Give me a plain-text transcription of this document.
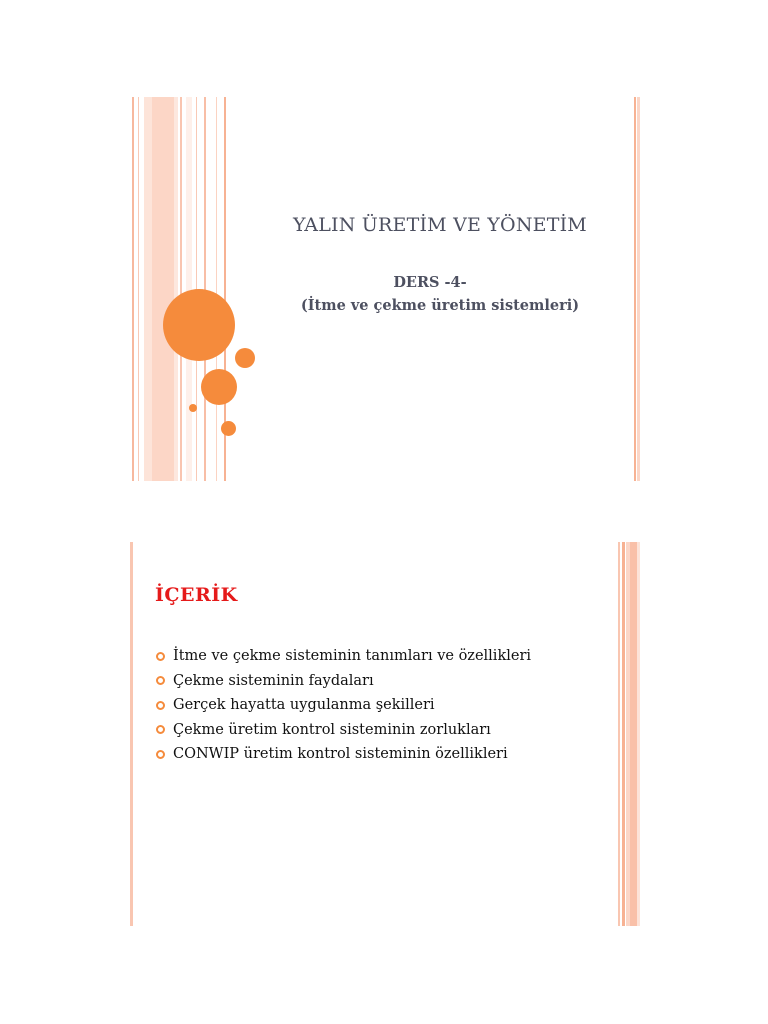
YALIN ÜRETİM VE YÖNETİM

DERS -4-

(İtme ve çekme üretim sistemleri)

İÇERİK
İtme ve çekme sisteminin tanımları ve özellikleri
Çekme sisteminin faydaları
Gerçek hayatta uygulanma şekilleri
Çekme üretim kontrol sisteminin zorlukları
CONWIP üretim kontrol sisteminin özellikleri
